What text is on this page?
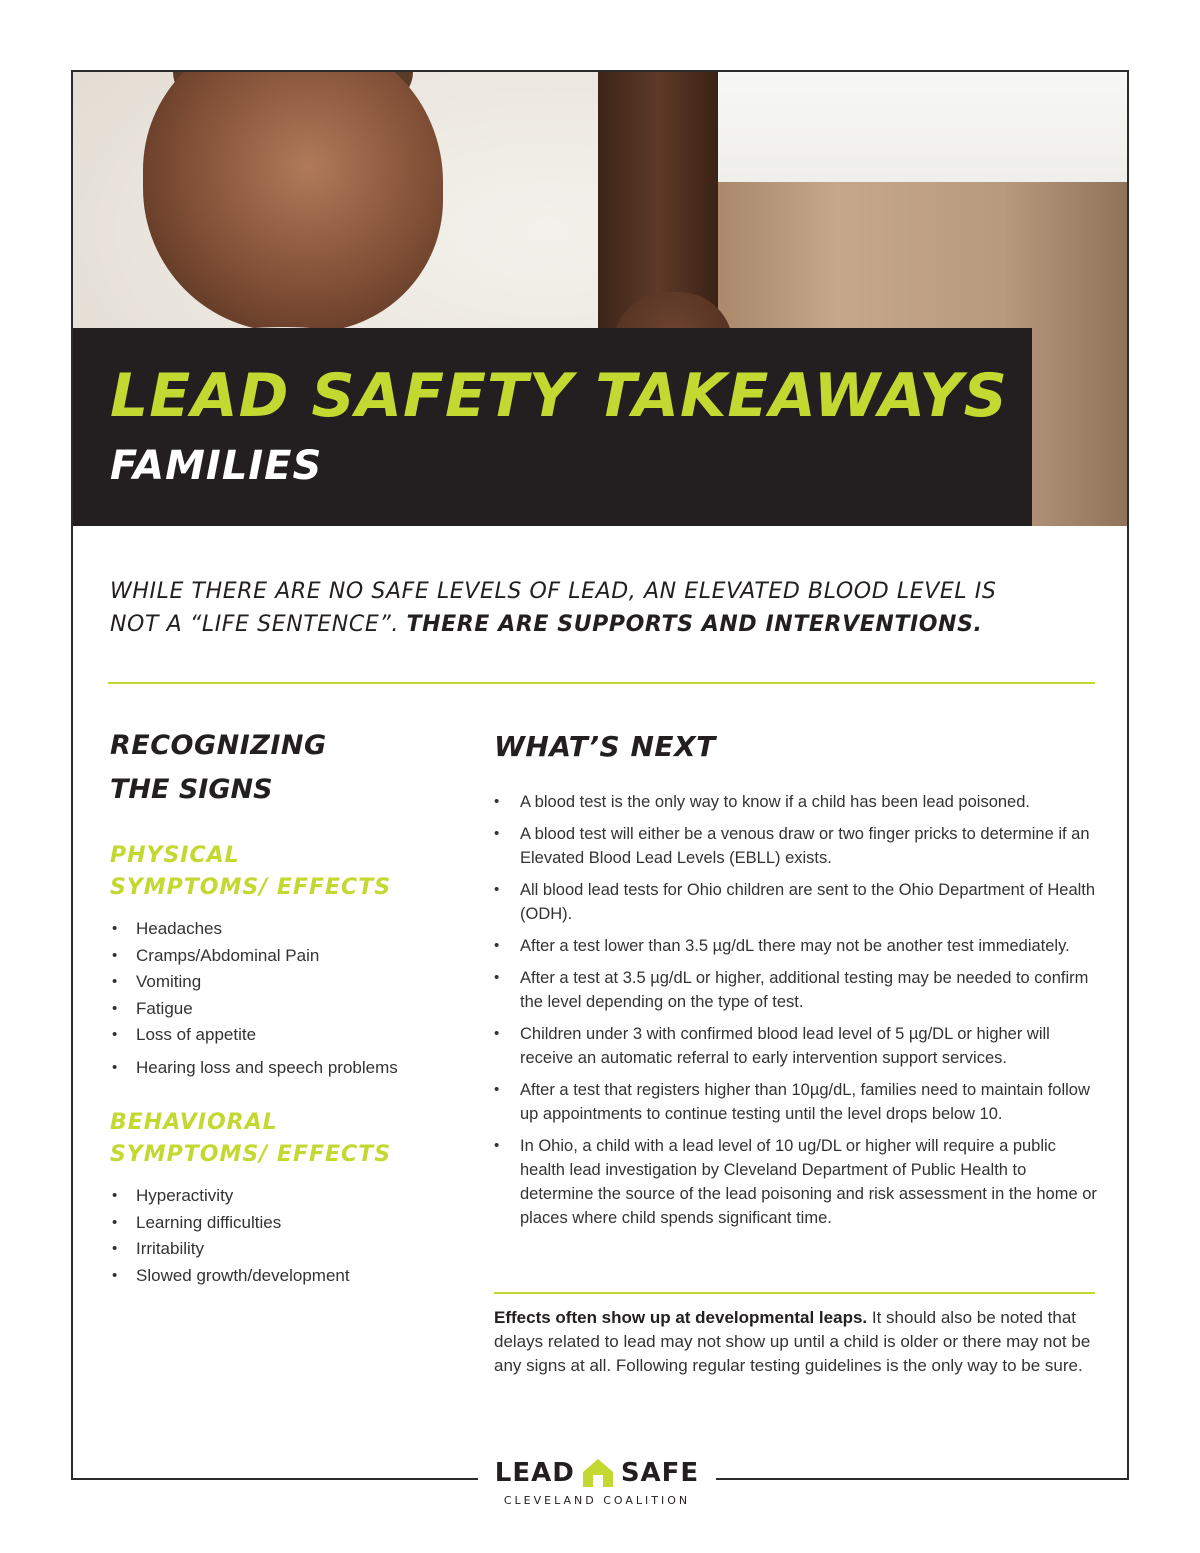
LEAD SAFETY TAKEAWAYS
FAMILIES

WHILE THERE ARE NO SAFE LEVELS OF LEAD, AN ELEVATED BLOOD LEVEL IS
NOT A “LIFE SENTENCE”. THERE ARE SUPPORTS AND INTERVENTIONS.

RECOGNIZING
THE SIGNS
PHYSICAL
SYMPTOMS/ EFFECTS
• Headaches
• Cramps/Abdominal Pain
• Vomiting
• Fatigue
• Loss of appetite
• Hearing loss and speech problems
BEHAVIORAL
SYMPTOMS/ EFFECTS
• Hyperactivity
• Learning difficulties
• Irritability
• Slowed growth/development
WHAT’S NEXT
• A blood test is the only way to know if a child has been lead poisoned.
• A blood test will either be a venous draw or two finger pricks to determine if an Elevated Blood Lead Levels (EBLL) exists.
• All blood lead tests for Ohio children are sent to the Ohio Department of Health (ODH).
• After a test lower than 3.5 µg/dL there may not be another test immediately.
• After a test at 3.5 µg/dL or higher, additional testing may be needed to confirm the level depending on the type of test.
• Children under 3 with confirmed blood lead level of 5 µg/DL or higher will receive an automatic referral to early intervention support services.
• After a test that registers higher than 10µg/dL, families need to maintain follow up appointments to continue testing until the level drops below 10.
• In Ohio, a child with a lead level of 10 ug/DL or higher will require a public health lead investigation by Cleveland Department of Public Health to determine the source of the lead poisoning and risk assessment in the home or places where child spends significant time.

Effects often show up at developmental leaps. It should also be noted that delays related to lead may not show up until a child is older or there may not be any signs at all. Following regular testing guidelines is the only way to be sure.

LEAD SAFE
CLEVELAND COALITION
